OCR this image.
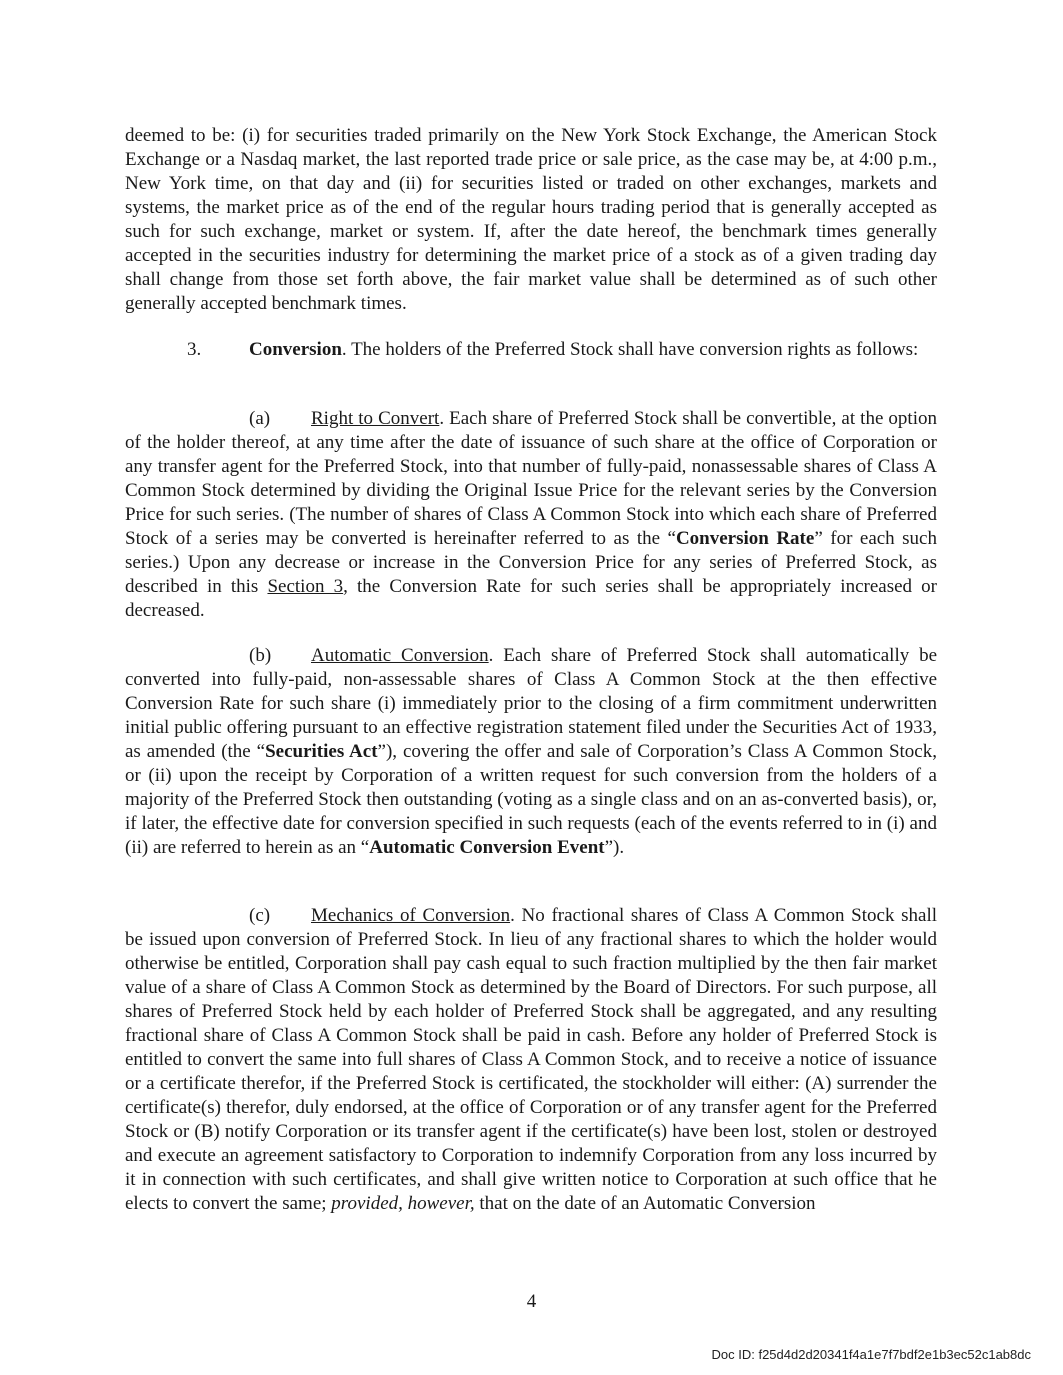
deemed to be: (i) for securities traded primarily on the New York Stock Exchange, the American Stock Exchange or a Nasdaq market, the last reported trade price or sale price, as the case may be, at 4:00 p.m., New York time, on that day and (ii) for securities listed or traded on other exchanges, markets and systems, the market price as of the end of the regular hours trading period that is generally accepted as such for such exchange, market or system. If, after the date hereof, the benchmark times generally accepted in the securities industry for determining the market price of a stock as of a given trading day shall change from those set forth above, the fair market value shall be determined as of such other generally accepted benchmark times.

3.	Conversion. The holders of the Preferred Stock shall have conversion rights as follows:

(a) Right to Convert. Each share of Preferred Stock shall be convertible, at the option of the holder thereof, at any time after the date of issuance of such share at the office of Corporation or any transfer agent for the Preferred Stock, into that number of fully-paid, nonassessable shares of Class A Common Stock determined by dividing the Original Issue Price for the relevant series by the Conversion Price for such series. (The number of shares of Class A Common Stock into which each share of Preferred Stock of a series may be converted is hereinafter referred to as the “Conversion Rate” for each such series.) Upon any decrease or increase in the Conversion Price for any series of Preferred Stock, as described in this Section 3, the Conversion Rate for such series shall be appropriately increased or decreased.

(b) Automatic Conversion. Each share of Preferred Stock shall automatically be converted into fully-paid, non-assessable shares of Class A Common Stock at the then effective Conversion Rate for such share (i) immediately prior to the closing of a firm commitment underwritten initial public offering pursuant to an effective registration statement filed under the Securities Act of 1933, as amended (the “Securities Act”), covering the offer and sale of Corporation’s Class A Common Stock, or (ii) upon the receipt by Corporation of a written request for such conversion from the holders of a majority of the Preferred Stock then outstanding (voting as a single class and on an as-converted basis), or, if later, the effective date for conversion specified in such requests (each of the events referred to in (i) and (ii) are referred to herein as an “Automatic Conversion Event”).

(c) Mechanics of Conversion. No fractional shares of Class A Common Stock shall be issued upon conversion of Preferred Stock. In lieu of any fractional shares to which the holder would otherwise be entitled, Corporation shall pay cash equal to such fraction multiplied by the then fair market value of a share of Class A Common Stock as determined by the Board of Directors. For such purpose, all shares of Preferred Stock held by each holder of Preferred Stock shall be aggregated, and any resulting fractional share of Class A Common Stock shall be paid in cash. Before any holder of Preferred Stock is entitled to convert the same into full shares of Class A Common Stock, and to receive a notice of issuance or a certificate therefor, if the Preferred Stock is certificated, the stockholder will either: (A) surrender the certificate(s) therefor, duly endorsed, at the office of Corporation or of any transfer agent for the Preferred Stock or (B) notify Corporation or its transfer agent if the certificate(s) have been lost, stolen or destroyed and execute an agreement satisfactory to Corporation to indemnify Corporation from any loss incurred by it in connection with such certificates, and shall give written notice to Corporation at such office that he elects to convert the same; provided, however, that on the date of an Automatic Conversion

4
Doc ID: f25d4d2d20341f4a1e7f7bdf2e1b3ec52c1ab8dc
